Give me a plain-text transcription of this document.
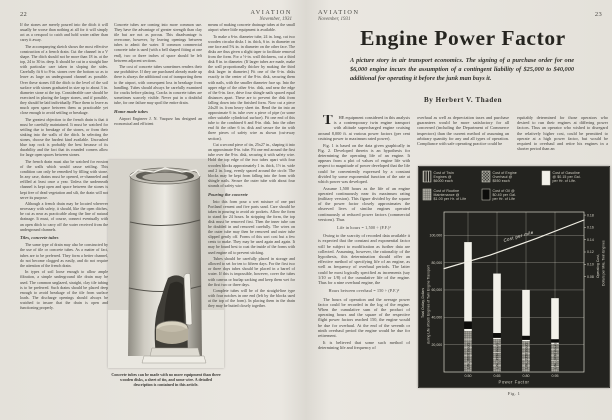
22	AVIATION
November, 1931
If the stones are merely poured into the ditch it will usually be worse than nothing at all for it will simply act as a cesspool to catch and hold water rather than carry it away.
The accompanying sketch shows the most effective construction of a french drain. Cut the channel in a V shape. The ditch should not be more than 18 in. at the top, 24 to 30 in. deep. It should be cut in a straight line with particular care taken in sloping the sides. Carefully fit 6 to 8-in. stones over the bottom so as to leave as large an underground channel as possible. Over these stones fill the ditch to the level of the soil surface with stones graduated in size up to about 3 in. diameter stone at the top. Considerable care should be exercised in placing the larger stones, and if possible, they should be laid individually. Place them to leave as much open space between them as practicable yet close enough to avoid settling or breakage.
The greatest objection to the french drain is that it must be carefully maintained. It must be watched for settling due to breakage of the stones, or from their sinking into the walls of the ditch. In selecting the stones, choose the hardest kind available. Uncrushed blue trap rock is probably the best because of its durability and the fact that its rounded corners allow for large open spaces between stones.
The french drain must also be watched for erosion of the walls which would cause settling. This condition can only be remedied by filling with stone. In any case, drains must be opened, re-channeled and refilled at least once a year. Unless the underneath channel is kept open and space between the stones is kept free of dead vegetation and silt, the drain will not serve its purpose.
Although a french drain may be located wherever necessary with safety, it should, like the open ditches, be cut as near as practicable along the line of natural drainage. It must, of course, connect eventually with an open ditch to carry off the water received from the underground channels.
Tiles, concrete tubes
The same type of drain may also be constructed by the use of tile or concrete tubes. As a matter of fact, tubes are to be preferred. They form a better channel, do not become clogged as easily, and do not require the attention of the french drain.
In types of soil loose enough to allow ample filtration, a simple underground tile drain may be used. The common unglazed, straight, clay tile tubing is to be preferred. Such drains should be placed deep enough to avoid breakage of the tile from surface loads. The discharge openings should always be watched to insure that the drain is open and functioning properly.
Concrete tubes are coming into more common use. They have the advantage of greater strength than clay tile but are not as porous. This disadvantage is overcome, however, by leaving openings between tubes to admit the water. If common commercial concrete tube is used (with a bell shaped fitting at one end), two or three inches of space should be left between adjacent sections.
The cost of concrete tubes sometimes renders their use prohibitive. If they are purchased already made up there is always the additional cost of transporting them to the airport, with consequent loss in breakage from handling. Tubes should always be carefully examined for cracks before placing. Cracks in concrete tubes are sometimes scarcely visible. Never put in a doubtful tube, for one failure may spoil the entire drain.
Home made tubes
Airport Engineer J. N. Vasquez has designed an economical and efficient
Concrete tubes can be made with no more equipment than three wooden disks, a sheet of tin, and some wire. A detailed description is contained in this article.
means of making concrete drainage tubes at the small airport where little equipment is available.
To make a 6-in. diameter tube, 24 in. long, cut two wooden circular disks 1 in. thick, 6 in. in diameter on one face and 5¾ in. in diameter on the other face. The disks are thus given a slight taper to facilitate removal from the form. For a ½-in. wall thickness, cut a third disk 8 in. in diameter. (If larger tubes are made, make the wall proportionally thicker by making the third disk larger in diameter.) Fit one of the 6-in. disks exactly in the center of the 8-in. disk, securing them with nails, with the smaller diameter face up. Into the upper edge of the other 6-in. disk, and near the edge of the 6-in. face, drive four shingle nails spaced equal distances apart. These are to prevent the disk from falling down into the finished form. Now cut a piece 24x20 in. from heavy sheet tin. Bend the tin into an approximate 6 in. tube over a piece of pipe (or some other suitable cylindrical surface). Fit one end of this tube to the combined 6 and 8-in. disk. Into the other end fit the other 6 in. disk and secure the tin with three pieces of safety wire as shown (cut-away section).
Cut a second piece of tin, 25x27 in., shaping it into an approximate 8-in. tube. Fit one end around the first tube over the 8-in. disk, securing it with safety wire. Hold the top edge of the two tubes apart with four wooden blocks approximately 1 in. thick, 1½ in. wide and 2 in. long, evenly spaced around the circle. The blocks may be kept from falling into the form with shingle nails. Secure the outer tube with about four strands of safety wire.
Pouring the concrete
Into this form pour a wet mixture of one part Portland cement and five parts sand. Care should be taken in pouring to avoid air pockets. Allow the form to stand for 24 hours. In stripping the form, the top disk must be removed first. Then the inner tube can be doubled in and removed carefully. The wires on the outer tube may then be removed and outer tube slipped gently off. Forms of this sort cost but a few cents to make. They may be used again and again. It may be found best to coat the inside of the forms with used engine oil to prevent sticking.
Tubes should be carefully placed in storage and allowed to set for ten to fifteen days. For the first two or three days tubes should be placed in a barrel of water. If this is impossible, however, cover the tubes with canvas or burlap sacking and keep them wet for the first two or three days.
Complete tubes will be of the straight-line type with four notches in one end (left by the blocks used at the top of the form). In placing them in the drain they may be butted closely together.
AVIATION
November, 1931
23
Engine Power Factor

A picture story in air transport economics. The signing of a purchase order for one $6,000 engine incurs the assumption of a contingent liability of $25,000 to $40,000 additional for operating it before the junk man buys it.

By Herbert V. Thaden
T HE equipment considered in this analysis is a contemporary twin engine transport with altitude supercharged engine cruising around 8,000 ft. at various power factors (per cent cruising power to maximum rated power).
Fig. 1 is based on the data given graphically in Fig. 2. Developed therein is an hypothesis for determining the operating life of an engine. It appears from a plot of values of engine life with respect to magnitude of power developed that the life could be conveniently expressed by a constant divided by some exponential function of the rate at which power was developed.
Assume 1,500 hours as the life of an engine operated continuously near its maximum rating (military version). This figure divided by the square of the power factor closely approximates the observed lives of similar engines operated continuously at reduced power factors (commercial versions). Thus
Life in hours = 1,500 ÷ (P.F.)²
Owing to the scarcity of recorded data available it is expected that the constant and exponential factor will be subject to modification as further data are collected. Assuming, however, the rationality of the hypothesis, this determination should offer an effective method of specifying life of an engine, as well as frequency of overhaul periods. The latter could be most logically specified as increments (say 1/10 or 1/8) of the cumulative life of the engine. Thus for a nine overhaul engine, the
Hours between overhaul = 150 ÷ (P.F.)²
The hours of operation and the average power factor could be recorded in the log of the engine. When the cumulative sum of the product of operating hours and the square of the respective flight power factors reached 150, the engine would be due for overhaul. At the end of the seventh or ninth overhaul period the engine would be due for retirement.
It is believed that some such method of determining life and frequency of
overhaul as well as depreciation taxes and purchase guarantees would be more satisfactory for all concerned (including the Department of Commerce inspectors) than the current method of assuming an arbitrary quantity for any and all types of operation. Compliance with safe operating practice could be
equitably determined for those operators who desired to run their engines at differing power factors. Thus an operator who wished to disregard the relatively higher cost, could be permitted to operate at a high power factor, but would be required to overhaul and retire his engines in a shorter period than an
Cost of Twin
Engines @
$6000 each
Cost of Engine
Overhaul @
$550 each
Cost of Gasoline
@ $0.15 per Gal.
per Hr. of Life.
Cost of Routine
Maintenance @
$1.00 per Hr. of Life
Cost of Oil @
$0.40 per Gal.
per Hr. of Life
20,000
40,000
60,000
80,000
100,000
Life, 6000 hours
0.50
Life, 3550 hours
0.65
Life, 2350 hours
0.80
Life, 1650 hours
0.95
0.08
0.10
0.12
0.14
0.16
0.18
Cost per mile
Total Outlay, Dollars during Life of both Engines of Twin Engine Transport	Operating Cost, Dollars per Mile, Twin Engines
Power Factor
Fig. 1
